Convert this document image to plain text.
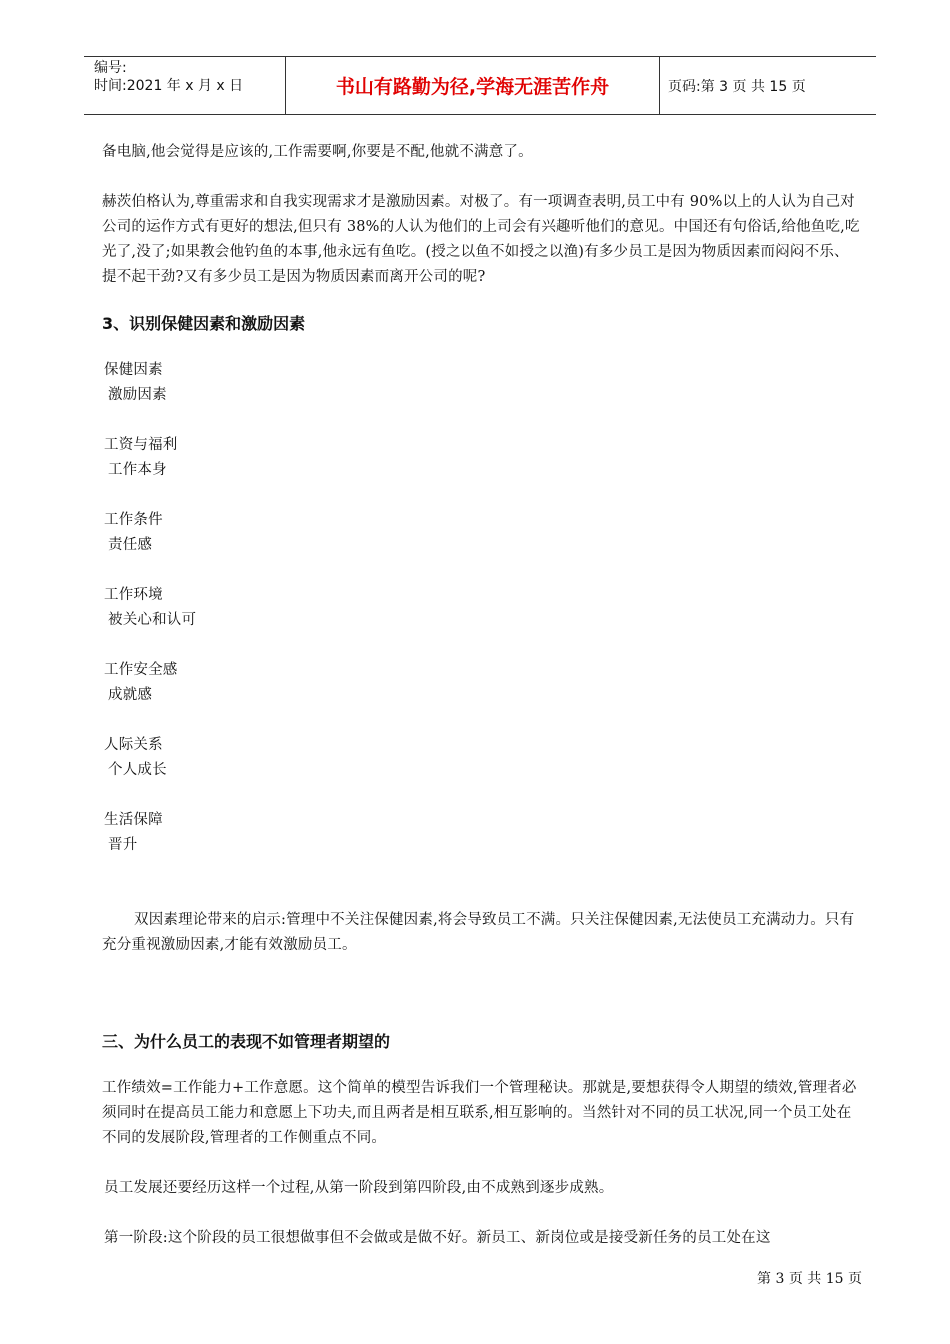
编号:
时间:2021 年 x 月 x 日	书山有路勤为径,学海无涯苦作舟	页码:第 3 页 共 15 页

备电脑,他会觉得是应该的,工作需要啊,你要是不配,他就不满意了。

赫茨伯格认为,尊重需求和自我实现需求才是激励因素。对极了。有一项调查表明,员工中有 90%以上的人认为自己对公司的运作方式有更好的想法,但只有 38%的人认为他们的上司会有兴趣听他们的意见。中国还有句俗话,给他鱼吃,吃光了,没了;如果教会他钓鱼的本事,他永远有鱼吃。(授之以鱼不如授之以渔)有多少员工是因为物质因素而闷闷不乐、提不起干劲?又有多少员工是因为物质因素而离开公司的呢?

3、识别保健因素和激励因素

保健因素

激励因素

工资与福利

工作本身

工作条件

责任感

工作环境

被关心和认可

工作安全感

成就感

人际关系

个人成长

生活保障

晋升

双因素理论带来的启示:管理中不关注保健因素,将会导致员工不满。只关注保健因素,无法使员工充满动力。只有充分重视激励因素,才能有效激励员工。

三、为什么员工的表现不如管理者期望的

工作绩效=工作能力+工作意愿。这个简单的模型告诉我们一个管理秘诀。那就是,要想获得令人期望的绩效,管理者必须同时在提高员工能力和意愿上下功夫,而且两者是相互联系,相互影响的。当然针对不同的员工状况,同一个员工处在不同的发展阶段,管理者的工作侧重点不同。

员工发展还要经历这样一个过程,从第一阶段到第四阶段,由不成熟到逐步成熟。

第一阶段:这个阶段的员工很想做事但不会做或是做不好。新员工、新岗位或是接受新任务的员工处在这

第 3 页 共 15 页
